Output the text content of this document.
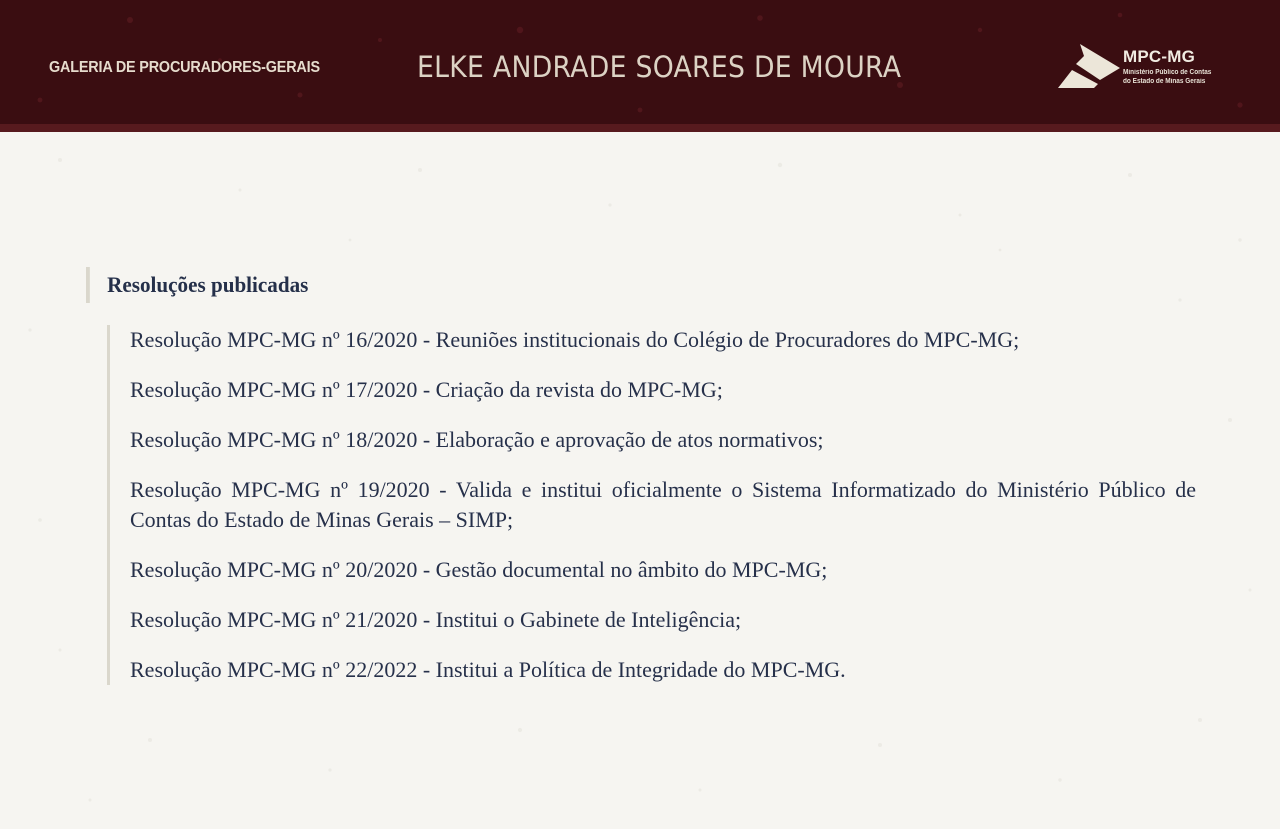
GALERIA DE PROCURADORES-GERAIS	ELKE ANDRADE SOARES DE MOURA	MPC-MG
Ministério Público de Contas
do Estado de Minas Gerais
Resoluções publicadas
Resolução MPC-MG nº 16/2020 - Reuniões institucionais do Colégio de Procuradores do MPC-MG;
Resolução MPC-MG nº 17/2020 - Criação da revista do MPC-MG;
Resolução MPC-MG nº 18/2020 - Elaboração e aprovação de atos normativos;
Resolução MPC-MG nº 19/2020 - Valida e institui oficialmente o Sistema Informatizado do Ministério Público de Contas do Estado de Minas Gerais – SIMP;
Resolução MPC-MG nº 20/2020 - Gestão documental no âmbito do MPC-MG;
Resolução MPC-MG nº 21/2020 - Institui o Gabinete de Inteligência;
Resolução MPC-MG nº 22/2022 - Institui a Política de Integridade do MPC-MG.
